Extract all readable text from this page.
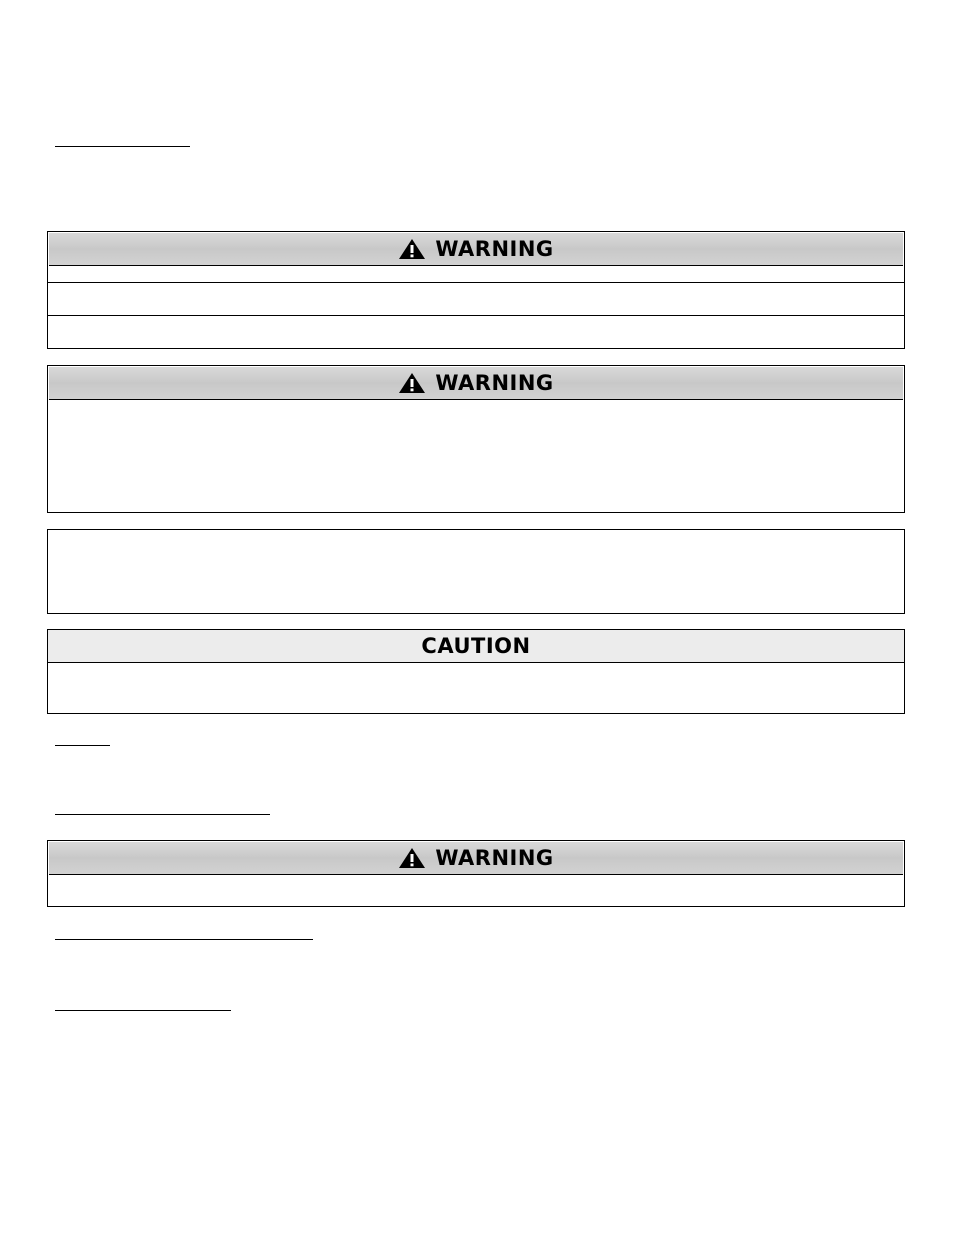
WARNING
WARNING
CAUTION
WARNING
